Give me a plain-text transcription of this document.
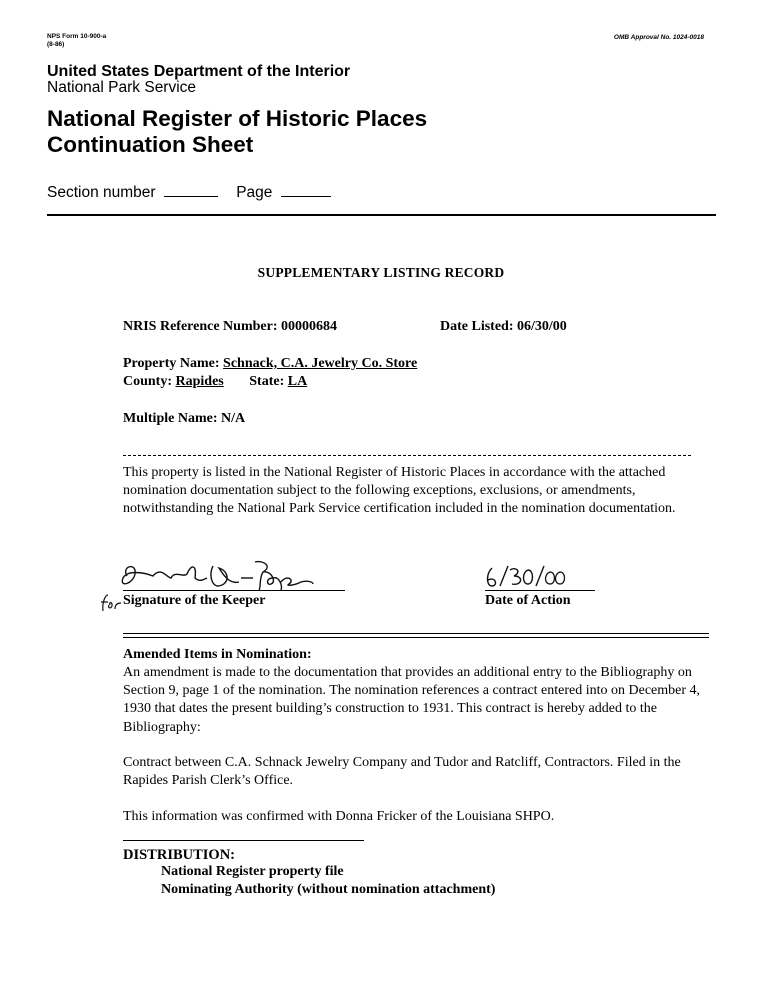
NPS Form 10-900-a
(8-86)
OMB Approval No. 1024-0018
United States Department of the Interior
National Park Service
National Register of Historic Places
Continuation Sheet
Section number	Page
SUPPLEMENTARY LISTING RECORD
NRIS Reference Number: 00000684	Date Listed: 06/30/00
Property Name: Schnack, C.A. Jewelry Co. Store
County: Rapides State: LA
Multiple Name: N/A
This property is listed in the National Register of Historic Places in accordance with the attached nomination documentation subject to the following exceptions, exclusions, or amendments, notwithstanding the National Park Service certification included in the nomination documentation.
Signature of the Keeper	Date of Action
Amended Items in Nomination:
An amendment is made to the documentation that provides an additional entry to the Bibliography on Section 9, page 1 of the nomination. The nomination references a contract entered into on December 4, 1930 that dates the present building’s construction to 1931. This contract is hereby added to the Bibliography:
Contract between C.A. Schnack Jewelry Company and Tudor and Ratcliff, Contractors. Filed in the Rapides Parish Clerk’s Office.
This information was confirmed with Donna Fricker of the Louisiana SHPO.
DISTRIBUTION:
National Register property file
Nominating Authority (without nomination attachment)
